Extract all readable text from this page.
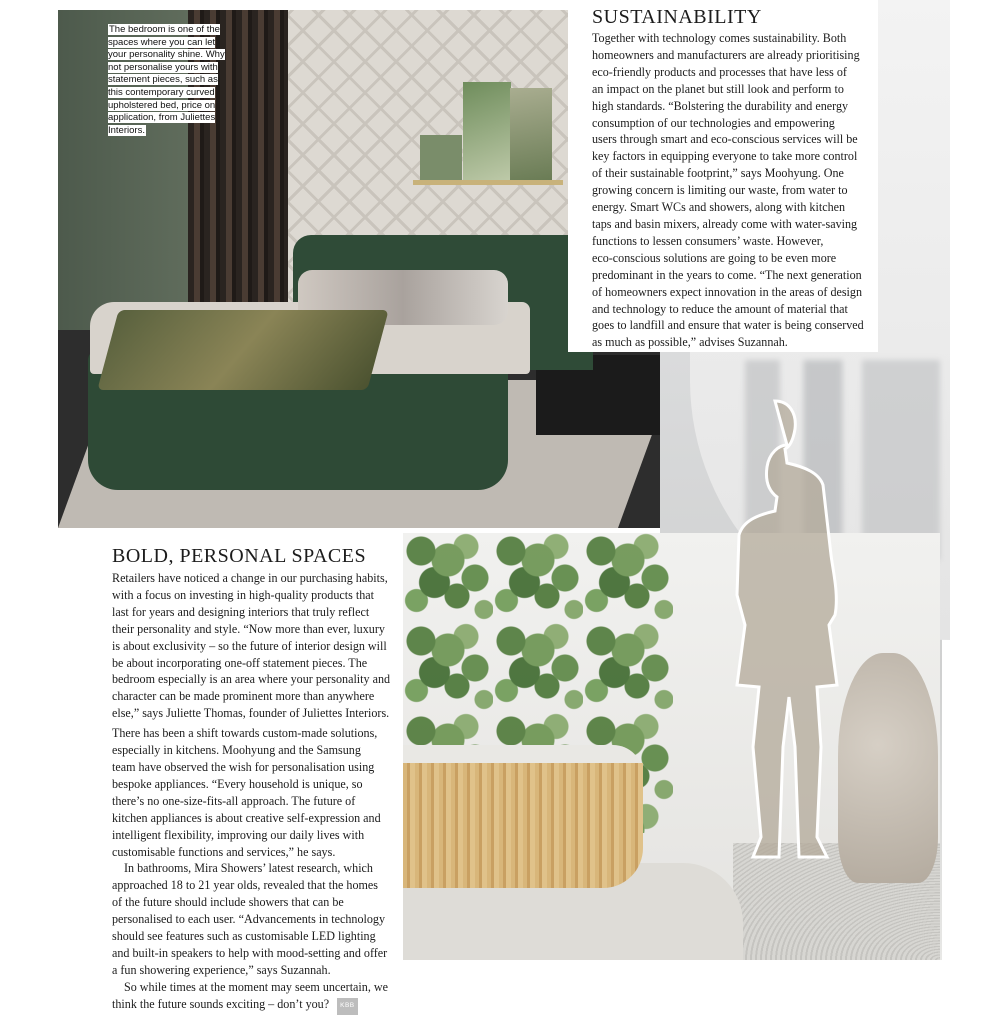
The bedroom is one of the spaces where you can let your personality shine. Why not personalise yours with statement pieces, such as this contemporary curved upholstered bed, price on application, from Juliettes Interiors.
SUSTAINABILITY
Together with technology comes sustainability. Both
homeowners and manufacturers are already prioritising
eco-friendly products and processes that have less of
an impact on the planet but still look and perform to
high standards. “Bolstering the durability and energy
consumption of our technologies and empowering
users through smart and eco-conscious services will be
key factors in equipping everyone to take more control
of their sustainable footprint,” says Moohyung. One
growing concern is limiting our waste, from water to
energy. Smart WCs and showers, along with kitchen
taps and basin mixers, already come with water-saving
functions to lessen consumers’ waste. However,
eco-conscious solutions are going to be even more
predominant in the years to come. “The next generation
of homeowners expect innovation in the areas of design
and technology to reduce the amount of material that
goes to landfill and ensure that water is being conserved
as much as possible,” advises Suzannah.
BOLD, PERSONAL SPACES
Retailers have noticed a change in our purchasing habits,
with a focus on investing in high-quality products that
last for years and designing interiors that truly reflect
their personality and style. “Now more than ever, luxury
is about exclusivity – so the future of interior design will
be about incorporating one-off statement pieces. The
bedroom especially is an area where your personality and
character can be made prominent more than anywhere
else,” says Juliette Thomas, founder of Juliettes Interiors.
There has been a shift towards custom-made solutions,
especially in kitchens. Moohyung and the Samsung
team have observed the wish for personalisation using
bespoke appliances. “Every household is unique, so
there’s no one-size-fits-all approach. The future of
kitchen appliances is about creative self-expression and
intelligent flexibility, improving our daily lives with
customisable functions and services,” he says.
In bathrooms, Mira Showers’ latest research, which
approached 18 to 21 year olds, revealed that the homes
of the future should include showers that can be
personalised to each user. “Advancements in technology
should see features such as customisable LED lighting
and built-in speakers to help with mood-setting and offer
a fun showering experience,” says Suzannah.
So while times at the moment may seem uncertain, we
think the future sounds exciting – don’t you? KBB
